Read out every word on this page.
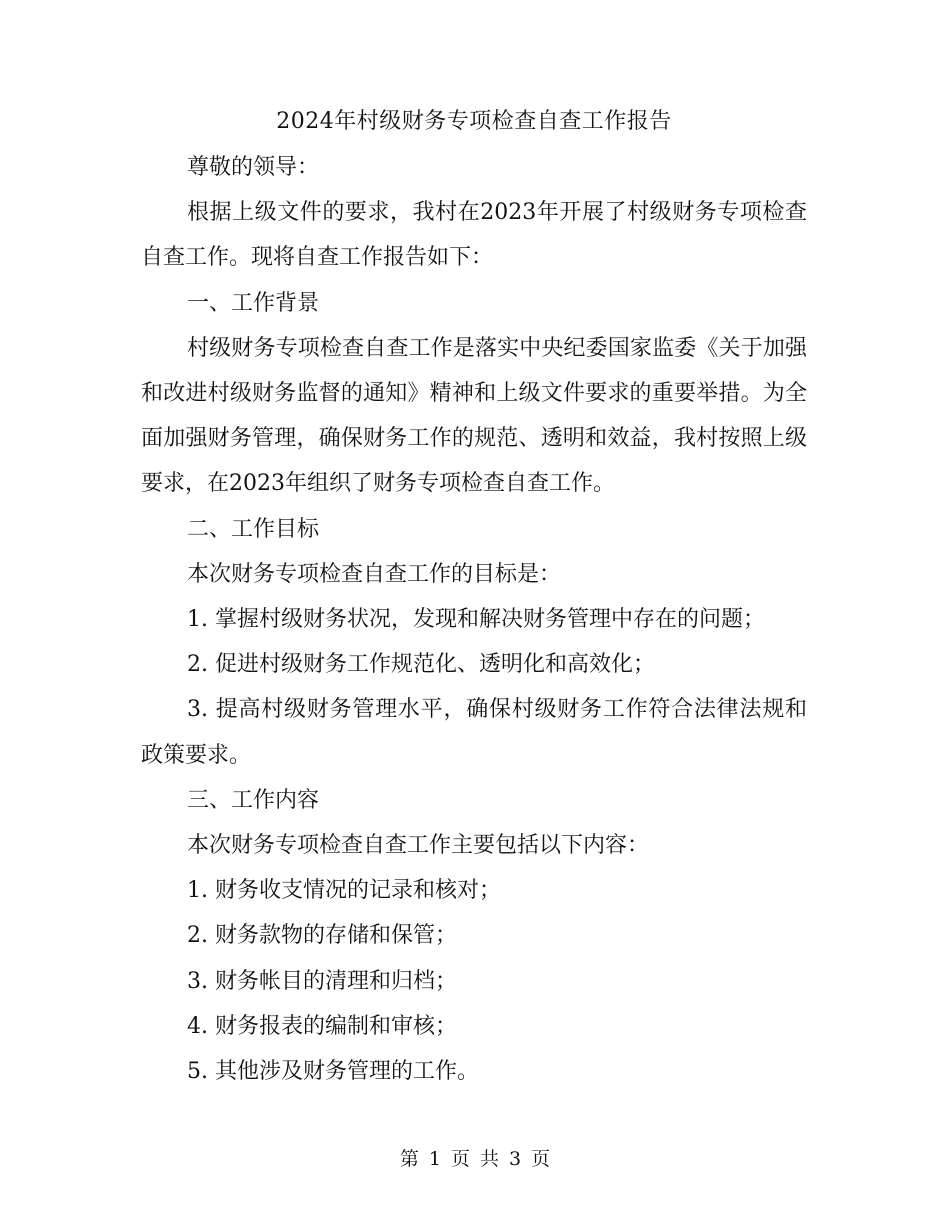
2024年村级财务专项检查自查工作报告

尊敬的领导：

根据上级文件的要求，我村在2023年开展了村级财务专项检查自查工作。现将自查工作报告如下：

一、工作背景

村级财务专项检查自查工作是落实中央纪委国家监委《关于加强和改进村级财务监督的通知》精神和上级文件要求的重要举措。为全面加强财务管理，确保财务工作的规范、透明和效益，我村按照上级要求，在2023年组织了财务专项检查自查工作。

二、工作目标

本次财务专项检查自查工作的目标是：

1. 掌握村级财务状况，发现和解决财务管理中存在的问题；

2. 促进村级财务工作规范化、透明化和高效化；

3. 提高村级财务管理水平，确保村级财务工作符合法律法规和政策要求。

三、工作内容

本次财务专项检查自查工作主要包括以下内容：

1. 财务收支情况的记录和核对；

2. 财务款物的存储和保管；

3. 财务帐目的清理和归档；

4. 财务报表的编制和审核；

5. 其他涉及财务管理的工作。

第 1 页 共 3 页
